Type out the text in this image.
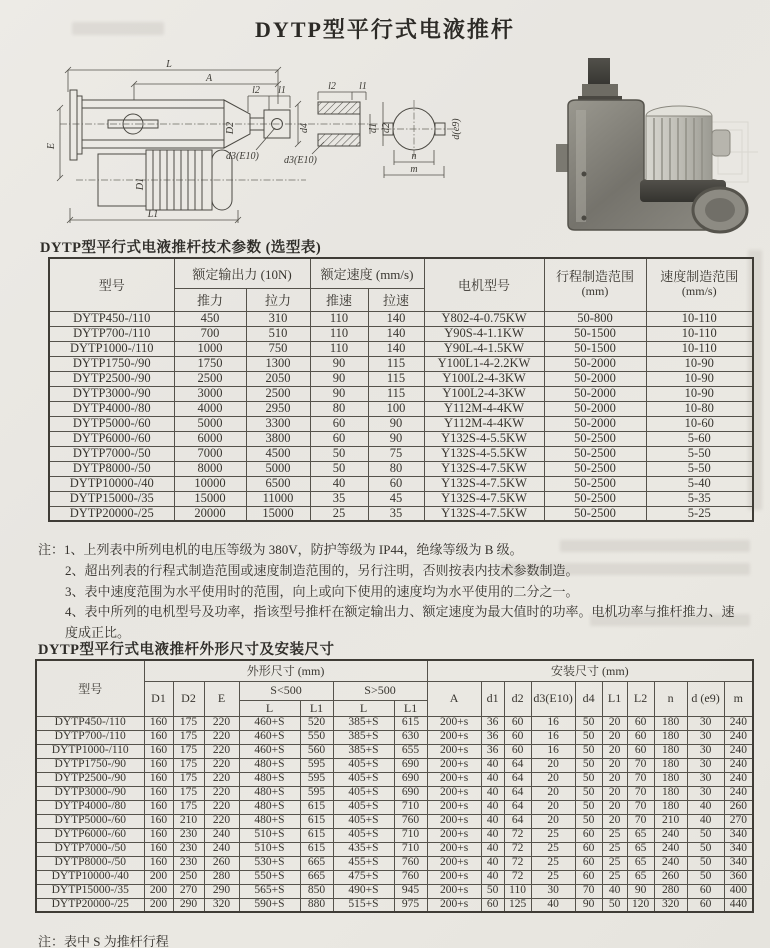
DYTP型平行式电液推杆
L
A
l2 l1
d3(E10)
d4
D2
E
D1
L1
l2 l1
d1 d2
d3(E10)
d(e9)
n
m
DYTP型平行式电液推杆技术参数 (选型表)
型号	额定输出力 (10N)	额定速度 (mm/s)	电机型号	
行程制造范围
(mm)

速度制造范围
(mm/s)

	推力	拉力	推速	拉速			
DYTP450-/110	450	310	110	140	Y802-4-0.75KW	50-800	10-110
DYTP700-/110	700	510	110	140	Y90S-4-1.1KW	50-1500	10-110
DYTP1000-/110	1000	750	110	140	Y90L-4-1.5KW	50-1500	10-110
DYTP1750-/90	1750	1300	90	115	Y100L1-4-2.2KW	50-2000	10-90
DYTP2500-/90	2500	2050	90	115	Y100L2-4-3KW	50-2000	10-90
DYTP3000-/90	3000	2500	90	115	Y100L2-4-3KW	50-2000	10-90
DYTP4000-/80	4000	2950	80	100	Y112M-4-4KW	50-2000	10-80
DYTP5000-/60	5000	3300	60	90	Y112M-4-4KW	50-2000	10-60
DYTP6000-/60	6000	3800	60	90	Y132S-4-5.5KW	50-2500	5-60
DYTP7000-/50	7000	4500	50	75	Y132S-4-5.5KW	50-2500	5-50
DYTP8000-/50	8000	5000	50	80	Y132S-4-7.5KW	50-2500	5-50
DYTP10000-/40	10000	6500	40	60	Y132S-4-7.5KW	50-2500	5-40
DYTP15000-/35	15000	11000	35	45	Y132S-4-7.5KW	50-2500	5-35
DYTP20000-/25	20000	15000	25	35	Y132S-4-7.5KW	50-2500	5-25
注：1、上列表中所列电机的电压等级为 380V，防护等级为 IP44，绝缘等级为 B 级。
2、超出列表的行程式制造范围或速度制造范围的，另行注明，否则按表内技术参数制造。
3、表中速度范围为水平使用时的范围，向上或向下使用的速度均为水平使用的二分之一。
4、表中所列的电机型号及功率，指该型号推杆在额定输出力、额定速度为最大值时的功率。电机功率与推杆推力、速度成正比。
DYTP型平行式电液推杆外形尺寸及安装尺寸
型号	外形尺寸 (mm)							安装尺寸 (mm)									
	D1	D2	E	S<500		S>500		A	d1	d2	d3(E10)	d4	L1	L2	n	d (e9)	m
				L	L1	L	L1										
DYTP450-/110	160	175	220	460+S	520	385+S	615	200+s	36	60	16	50	20	60	180	30	240
DYTP700-/110	160	175	220	460+S	550	385+S	630	200+s	36	60	16	50	20	60	180	30	240
DYTP1000-/110	160	175	220	460+S	560	385+S	655	200+s	36	60	16	50	20	60	180	30	240
DYTP1750-/90	160	175	220	480+S	595	405+S	690	200+s	40	64	20	50	20	70	180	30	240
DYTP2500-/90	160	175	220	480+S	595	405+S	690	200+s	40	64	20	50	20	70	180	30	240
DYTP3000-/90	160	175	220	480+S	595	405+S	690	200+s	40	64	20	50	20	70	180	30	240
DYTP4000-/80	160	175	220	480+S	615	405+S	710	200+s	40	64	20	50	20	70	180	40	260
DYTP5000-/60	160	210	220	480+S	615	405+S	760	200+s	40	64	20	50	20	70	210	40	270
DYTP6000-/60	160	230	240	510+S	615	405+S	710	200+s	40	72	25	60	25	65	240	50	340
DYTP7000-/50	160	230	240	510+S	615	435+S	710	200+s	40	72	25	60	25	65	240	50	340
DYTP8000-/50	160	230	260	530+S	665	455+S	760	200+s	40	72	25	60	25	65	240	50	340
DYTP10000-/40	200	250	280	550+S	665	475+S	760	200+s	40	72	25	60	25	65	260	50	360
DYTP15000-/35	200	270	290	565+S	850	490+S	945	200+s	50	110	30	70	40	90	280	60	400
DYTP20000-/25	200	290	320	590+S	880	515+S	975	200+s	60	125	40	90	50	120	320	60	440
注：表中 S 为推杆行程
